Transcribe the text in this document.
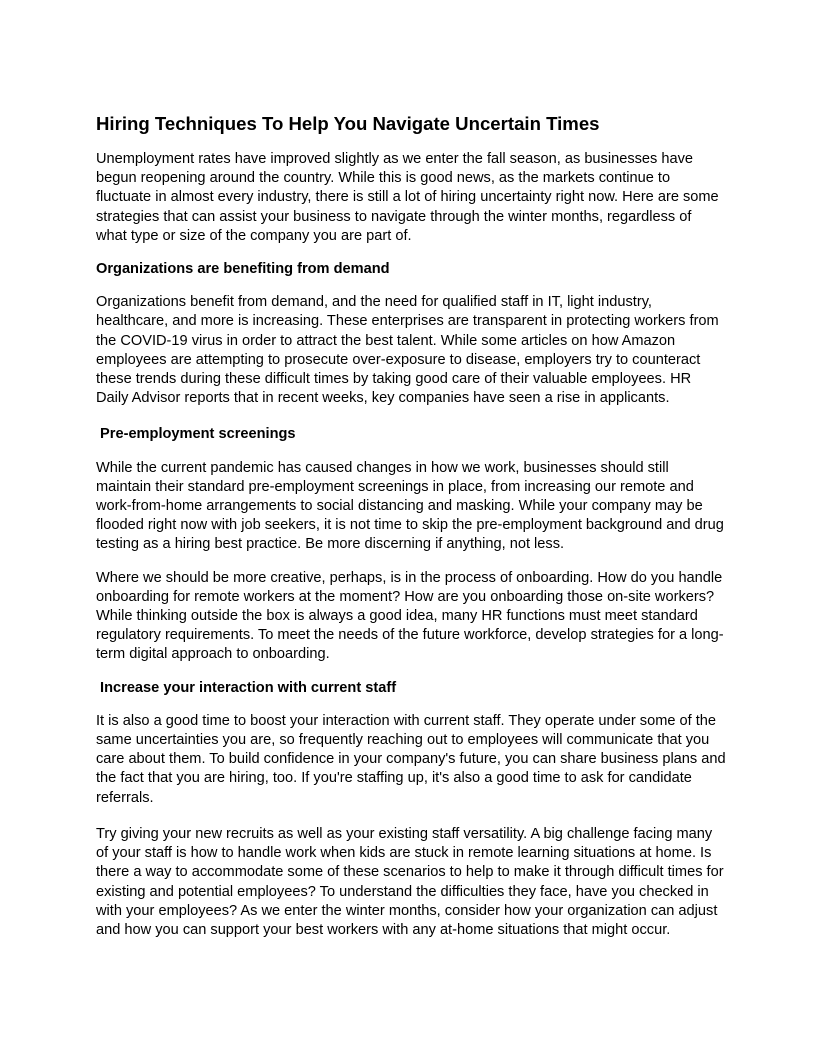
Hiring Techniques To Help You Navigate Uncertain Times

Unemployment rates have improved slightly as we enter the fall season, as businesses have begun reopening around the country. While this is good news, as the markets continue to fluctuate in almost every industry, there is still a lot of hiring uncertainty right now. Here are some strategies that can assist your business to navigate through the winter months, regardless of what type or size of the company you are part of.

Organizations are benefiting from demand

Organizations benefit from demand, and the need for qualified staff in IT, light industry, healthcare, and more is increasing. These enterprises are transparent in protecting workers from the COVID-19 virus in order to attract the best talent. While some articles on how Amazon employees are attempting to prosecute over-exposure to disease, employers try to counteract these trends during these difficult times by taking good care of their valuable employees. HR Daily Advisor reports that in recent weeks, key companies have seen a rise in applicants.

Pre-employment screenings

While the current pandemic has caused changes in how we work, businesses should still maintain their standard pre-employment screenings in place, from increasing our remote and work-from-home arrangements to social distancing and masking. While your company may be flooded right now with job seekers, it is not time to skip the pre-employment background and drug testing as a hiring best practice. Be more discerning if anything, not less.

Where we should be more creative, perhaps, is in the process of onboarding. How do you handle onboarding for remote workers at the moment? How are you onboarding those on-site workers? While thinking outside the box is always a good idea, many HR functions must meet standard regulatory requirements. To meet the needs of the future workforce, develop strategies for a long-term digital approach to onboarding.

Increase your interaction with current staff

It is also a good time to boost your interaction with current staff. They operate under some of the same uncertainties you are, so frequently reaching out to employees will communicate that you care about them. To build confidence in your company's future, you can share business plans and the fact that you are hiring, too. If you're staffing up, it's also a good time to ask for candidate referrals.

Try giving your new recruits as well as your existing staff versatility. A big challenge facing many of your staff is how to handle work when kids are stuck in remote learning situations at home. Is there a way to accommodate some of these scenarios to help to make it through difficult times for existing and potential employees? To understand the difficulties they face, have you checked in with your employees? As we enter the winter months, consider how your organization can adjust and how you can support your best workers with any at-home situations that might occur.
